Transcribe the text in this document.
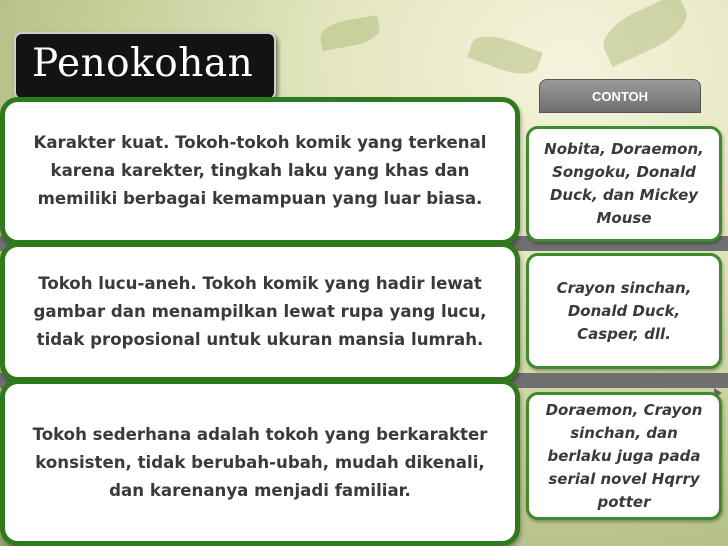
Penokohan
CONTOH

Karakter kuat. Tokoh-tokoh komik yang terkenal karena karekter, tingkah laku yang khas dan memiliki berbagai kemampuan yang luar biasa.

Nobita, Doraemon, Songoku, Donald Duck, dan Mickey Mouse

Tokoh lucu-aneh. Tokoh komik yang hadir lewat gambar dan menampilkan lewat rupa yang lucu, tidak proposional untuk ukuran mansia lumrah.

Crayon sinchan, Donald Duck, Casper, dll.

Tokoh sederhana adalah tokoh yang berkarakter konsisten, tidak berubah-ubah, mudah dikenali, dan karenanya menjadi familiar.

Doraemon, Crayon sinchan, dan berlaku juga pada serial novel Hqrry potter
